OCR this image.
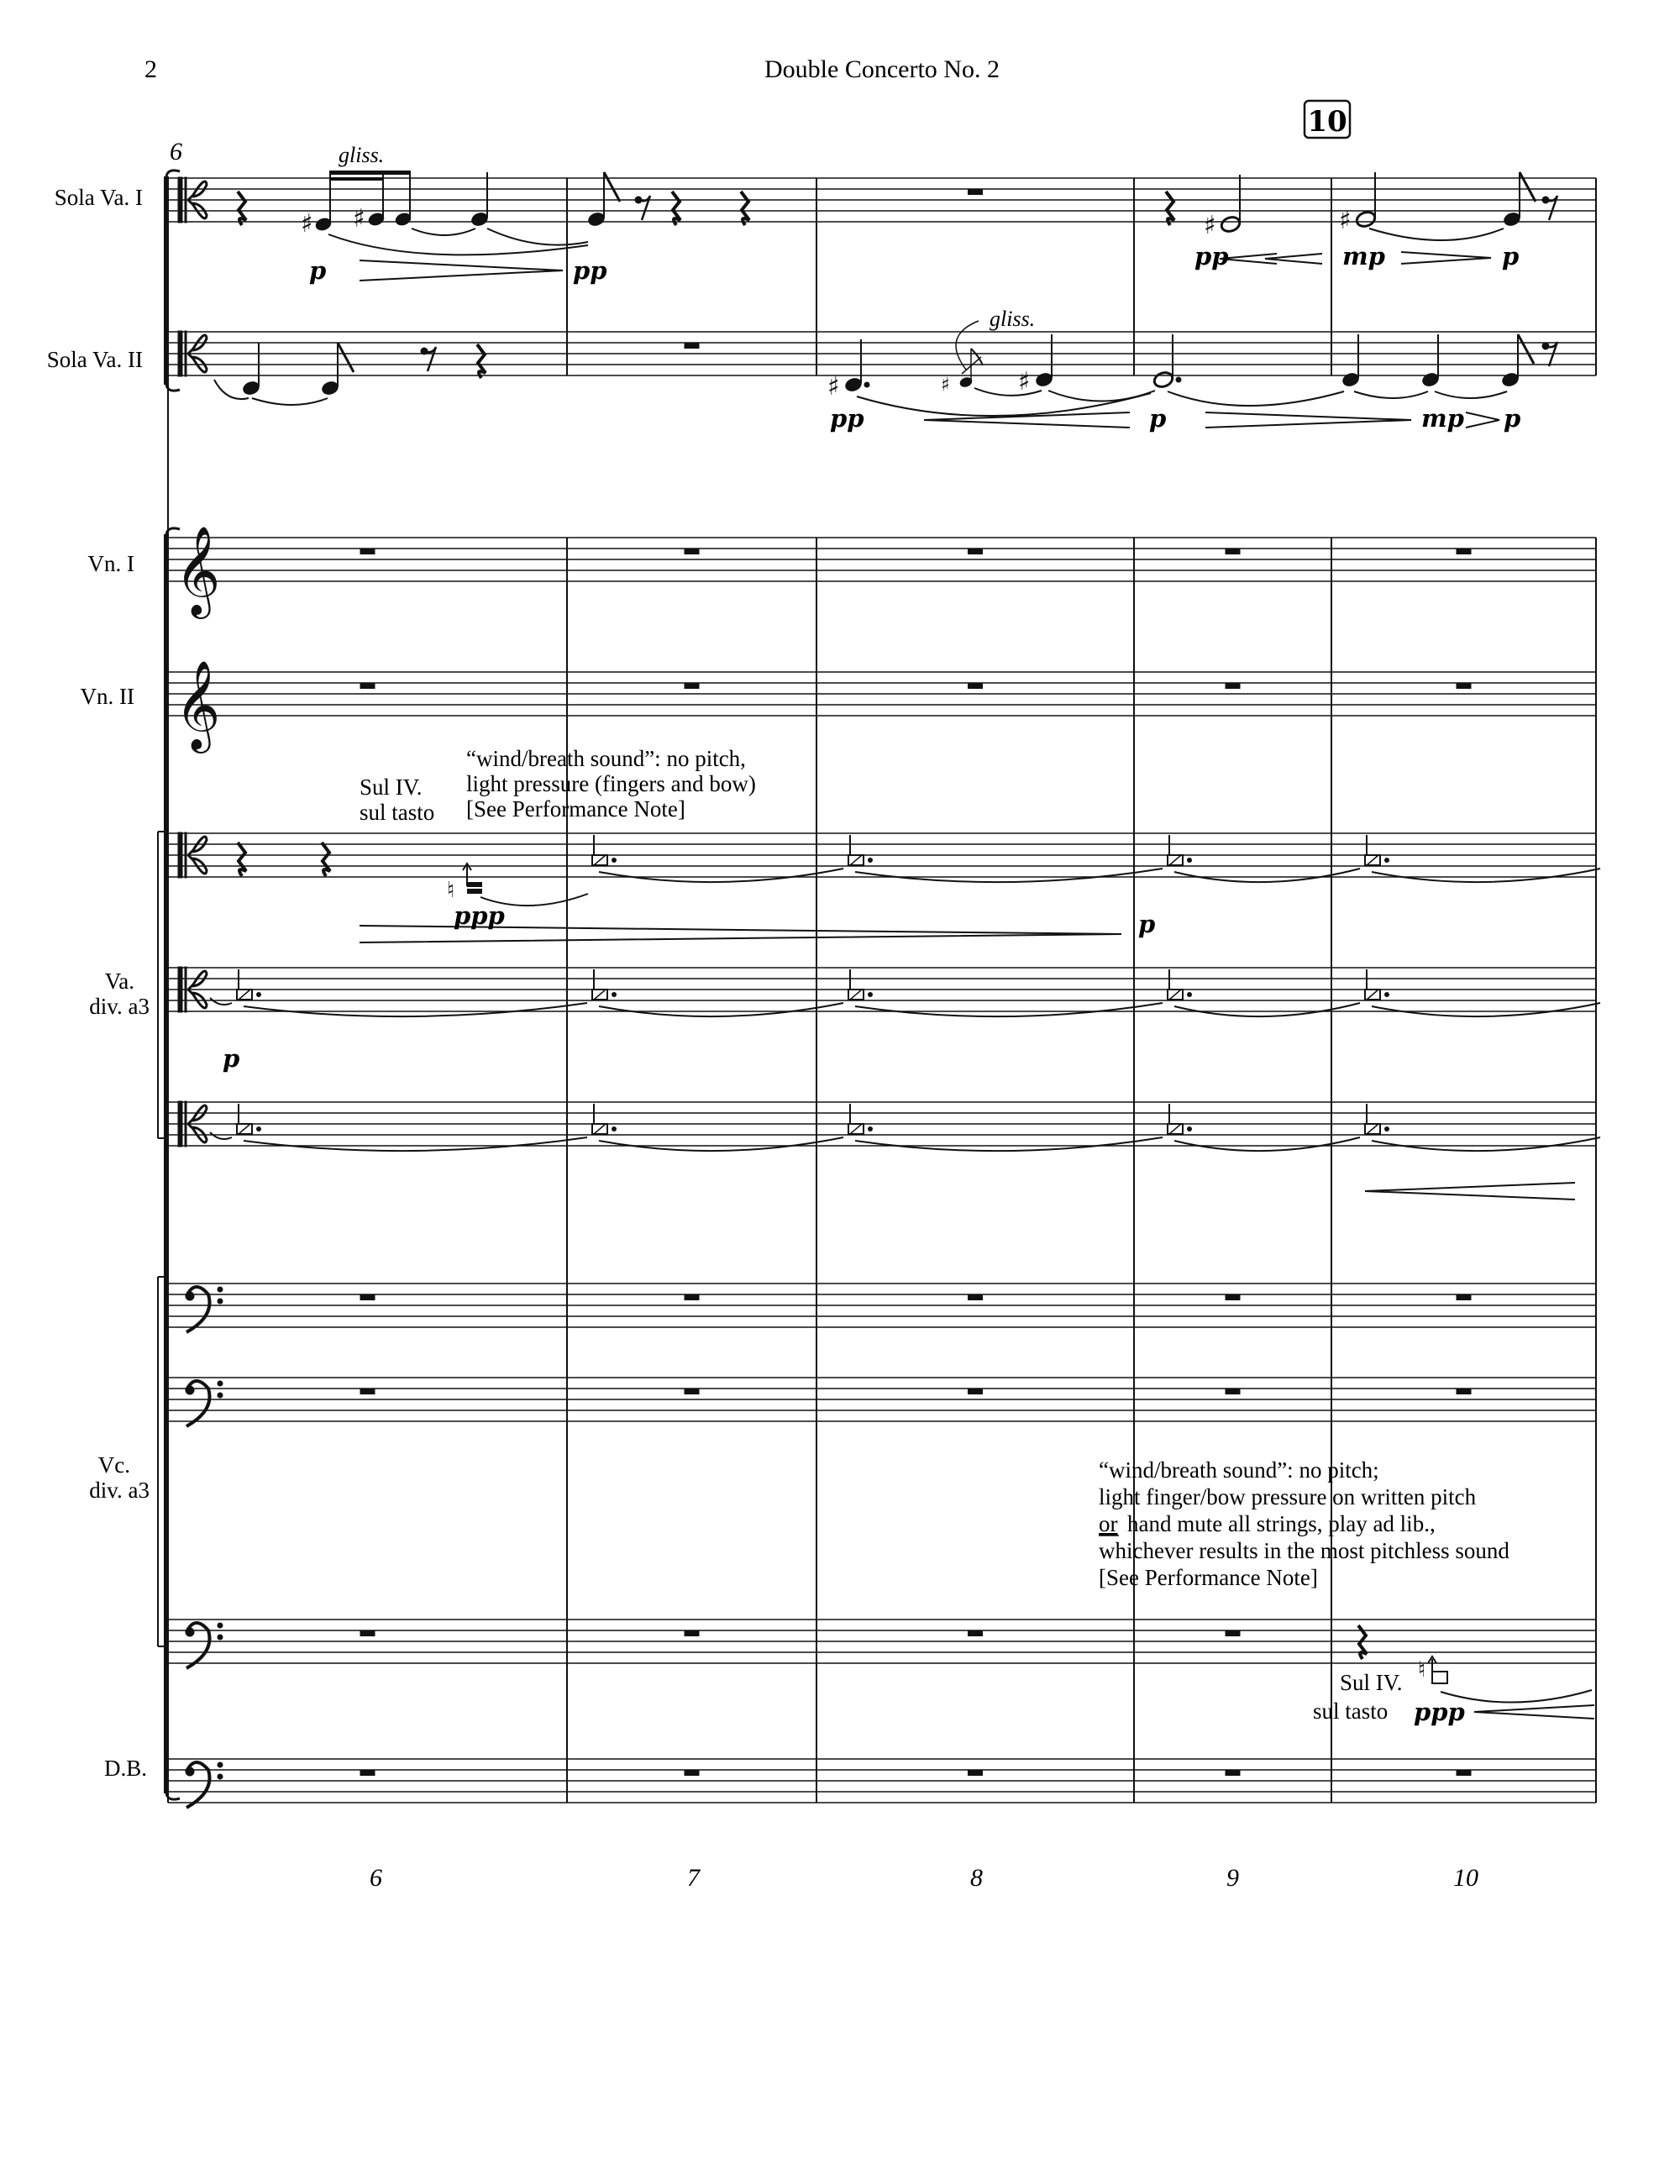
2	Double Concerto No. 2
10
6
𝄞
𝄞
Sola Va. I
Sola Va. II
Vn. I
Vn. II
Va.
div. a3
Vc.
div. a3
D.B.
♯ ♯	♯	♯
gliss.
p	pp	pp	mp	p
♯	♯	♯
gliss.
pp	p	mp p
♮
Sul IV.
sul tasto
“wind/breath sound”: no pitch,
light pressure (fingers and bow)
[See Performance Note]
ppp	p
p
“wind/breath sound”: no pitch;
light finger/bow pressure on written pitch
or hand mute all strings, play ad lib.,
whichever results in the most pitchless sound
[See Performance Note]
♮
Sul IV.
sul tasto ppp
6	7	8	9	10
